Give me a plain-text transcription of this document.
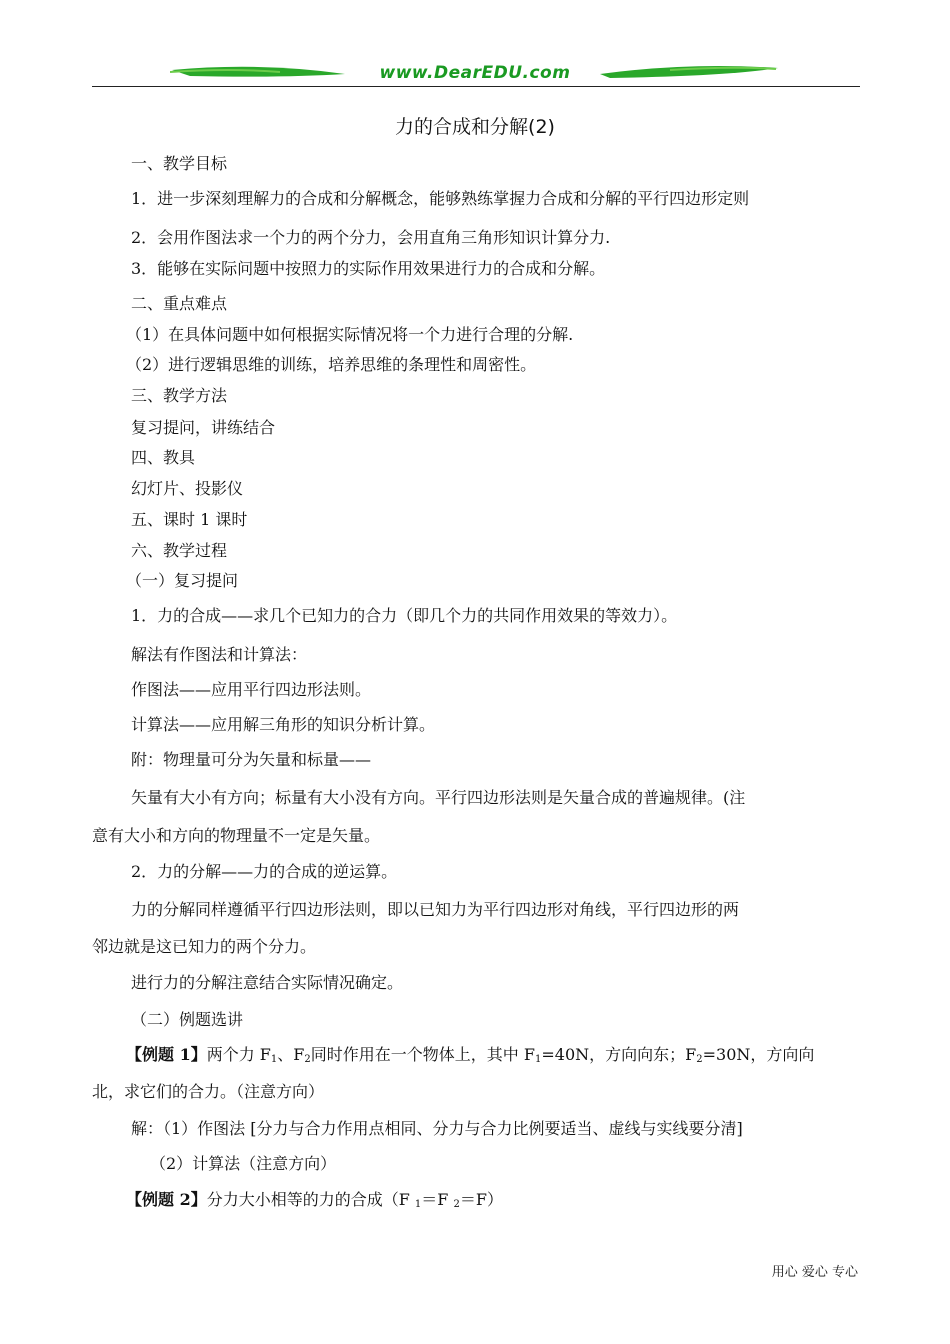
www.DearEDU.com
力的合成和分解(2)
一、教学目标
1．进一步深刻理解力的合成和分解概念，能够熟练掌握力合成和分解的平行四边形定则
2．会用作图法求一个力的两个分力，会用直角三角形知识计算分力.
3．能够在实际问题中按照力的实际作用效果进行力的合成和分解。
二、重点难点
（1）在具体问题中如何根据实际情况将一个力进行合理的分解.
（2）进行逻辑思维的训练，培养思维的条理性和周密性。
三、教学方法
复习提问，讲练结合
四、教具
幻灯片、投影仪
五、课时 1 课时
六、教学过程
（一）复习提问
1．力的合成——求几个已知力的合力（即几个力的共同作用效果的等效力）。
解法有作图法和计算法：
作图法——应用平行四边形法则。
计算法——应用解三角形的知识分析计算。
附：物理量可分为矢量和标量——
矢量有大小有方向；标量有大小没有方向。平行四边形法则是矢量合成的普遍规律。(注
意有大小和方向的物理量不一定是矢量。
2．力的分解——力的合成的逆运算。
力的分解同样遵循平行四边形法则，即以已知力为平行四边形对角线，平行四边形的两
邻边就是这已知力的两个分力。
进行力的分解注意结合实际情况确定。
（二）例题选讲
【例题 1】两个力 $F_1$、$F_2$同时作用在一个物体上，其中 $F_1=40N$，方向向东；$F_2=30N$，方向向
北，求它们的合力。（注意方向）
解：（1）作图法 [分力与合力作用点相同、分力与合力比例要适当、虚线与实线要分清]
（2）计算法（注意方向）
【例题 2】分力大小相等的力的合成（F $_1$＝F $_2$＝F）
用心 爱心 专心
